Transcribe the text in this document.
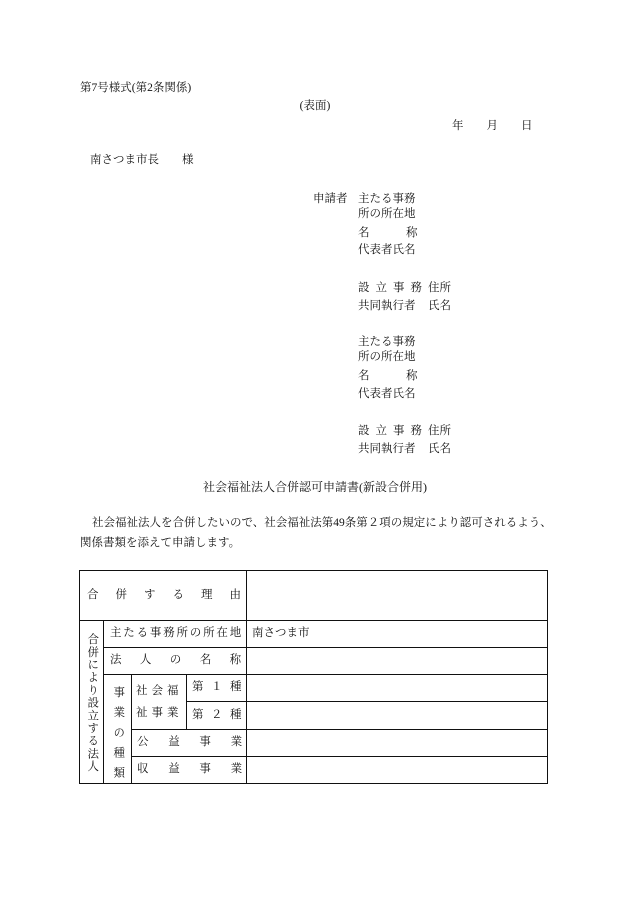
第7号様式(第2条関係)
(表面)
年　　月　　日
南さつま市長　　様
申請者 主たる事務所の所在地
名称
代表者氏名
設立事務
共同執行者
住所
氏名
主たる事務所の所在地
名称
代表者氏名
設立事務
共同執行者
住所
氏名
社会福祉法人合併認可申請書(新設合併用)
社会福祉法人を合併したいので、社会福祉法第49条第２項の規定により認可されるよう、
関係書類を添えて申請します。
合併する理由
合併により設立する法人 主たる事務所の所在地 南さつま市
法人の名称
事業の種類 社会福祉事業
第１種
第２種
公益事業
収益事業
